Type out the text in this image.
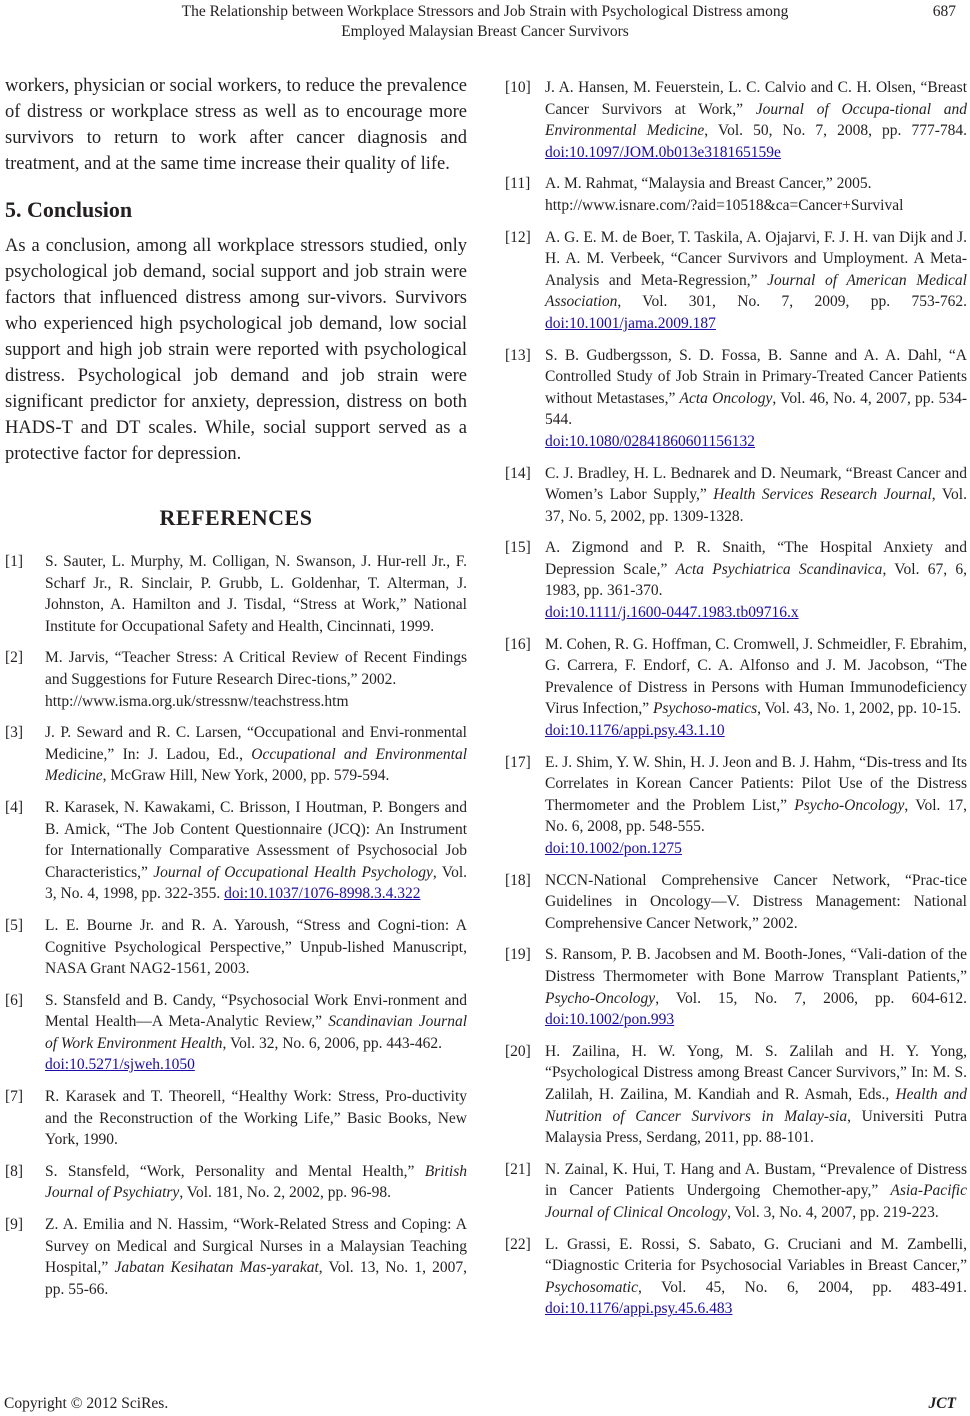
The Relationship between Workplace Stressors and Job Strain with Psychological Distress among
Employed Malaysian Breast Cancer Survivors
687

workers, physician or social workers, to reduce the prevalence of distress or workplace stress as well as to encourage more survivors to return to work after cancer diagnosis and treatment, and at the same time increase their quality of life.

5. Conclusion

As a conclusion, among all workplace stressors studied, only psychological job demand, social support and job strain were factors that influenced distress among sur-vivors. Survivors who experienced high psychological job demand, low social support and high job strain were reported with psychological distress. Psychological job demand and job strain were significant predictor for anxiety, depression, distress on both HADS-T and DT scales. While, social support served as a protective factor for depression.

REFERENCES
[1]	S. Sauter, L. Murphy, M. Colligan, N. Swanson, J. Hur-rell Jr., F. Scharf Jr., R. Sinclair, P. Grubb, L. Goldenhar, T. Alterman, J. Johnston, A. Hamilton and J. Tisdal, “Stress at Work,” National Institute for Occupational Safety and Health, Cincinnati, 1999.
[2]	M. Jarvis, “Teacher Stress: A Critical Review of Recent Findings and Suggestions for Future Research Direc-tions,” 2002.
http://www.isma.org.uk/stressnw/teachstress.htm
[3]	J. P. Seward and R. C. Larsen, “Occupational and Envi-ronmental Medicine,” In: J. Ladou, Ed., Occupational and Environmental Medicine, McGraw Hill, New York, 2000, pp. 579-594.
[4]	R. Karasek, N. Kawakami, C. Brisson, I Houtman, P. Bongers and B. Amick, “The Job Content Questionnaire (JCQ): An Instrument for Internationally Comparative Assessment of Psychosocial Job Characteristics,” Journal of Occupational Health Psychology, Vol. 3, No. 4, 1998, pp. 322-355. doi:10.1037/1076-8998.3.4.322
[5]	L. E. Bourne Jr. and R. A. Yaroush, “Stress and Cogni-tion: A Cognitive Psychological Perspective,” Unpub-lished Manuscript, NASA Grant NAG2-1561, 2003.
[6]	S. Stansfeld and B. Candy, “Psychosocial Work Envi-ronment and Mental Health—A Meta-Analytic Review,” Scandinavian Journal of Work Environment Health, Vol. 32, No. 6, 2006, pp. 443-462.
doi:10.5271/sjweh.1050
[7]	R. Karasek and T. Theorell, “Healthy Work: Stress, Pro-ductivity and the Reconstruction of the Working Life,” Basic Books, New York, 1990.
[8]	S. Stansfeld, “Work, Personality and Mental Health,” British Journal of Psychiatry, Vol. 181, No. 2, 2002, pp. 96-98.
[9]	Z. A. Emilia and N. Hassim, “Work-Related Stress and Coping: A Survey on Medical and Surgical Nurses in a Malaysian Teaching Hospital,” Jabatan Kesihatan Mas-yarakat, Vol. 13, No. 1, 2007, pp. 55-66.
[10] J. A. Hansen, M. Feuerstein, L. C. Calvio and C. H. Olsen, “Breast Cancer Survivors at Work,” Journal of Occupa-tional and Environmental Medicine, Vol. 50, No. 7, 2008, pp. 777-784. doi:10.1097/JOM.0b013e318165159e
[11] A. M. Rahmat, “Malaysia and Breast Cancer,” 2005.
http://www.isnare.com/?aid=10518&ca=Cancer+Survival
[12] A. G. E. M. de Boer, T. Taskila, A. Ojajarvi, F. J. H. van Dijk and J. H. A. M. Verbeek, “Cancer Survivors and Umployment. A Meta-Analysis and Meta-Regression,” Journal of American Medical Association, Vol. 301, No. 7, 2009, pp. 753-762. doi:10.1001/jama.2009.187
[13] S. B. Gudbergsson, S. D. Fossa, B. Sanne and A. A. Dahl, “A Controlled Study of Job Strain in Primary-Treated Cancer Patients without Metastases,” Acta Oncology, Vol. 46, No. 4, 2007, pp. 534-544.
doi:10.1080/02841860601156132
[14] C. J. Bradley, H. L. Bednarek and D. Neumark, “Breast Cancer and Women’s Labor Supply,” Health Services Research Journal, Vol. 37, No. 5, 2002, pp. 1309-1328.
[15] A. Zigmond and P. R. Snaith, “The Hospital Anxiety and Depression Scale,” Acta Psychiatrica Scandinavica, Vol. 67, 6, 1983, pp. 361-370.
doi:10.1111/j.1600-0447.1983.tb09716.x
[16] M. Cohen, R. G. Hoffman, C. Cromwell, J. Schmeidler, F. Ebrahim, G. Carrera, F. Endorf, C. A. Alfonso and J. M. Jacobson, “The Prevalence of Distress in Persons with Human Immunodeficiency Virus Infection,” Psychoso-matics, Vol. 43, No. 1, 2002, pp. 10-15.
doi:10.1176/appi.psy.43.1.10
[17] E. J. Shim, Y. W. Shin, H. J. Jeon and B. J. Hahm, “Dis-tress and Its Correlates in Korean Cancer Patients: Pilot Use of the Distress Thermometer and the Problem List,” Psycho-Oncology, Vol. 17, No. 6, 2008, pp. 548-555.
doi:10.1002/pon.1275
[18] NCCN-National Comprehensive Cancer Network, “Prac-tice Guidelines in Oncology—V. Distress Management: National Comprehensive Cancer Network,” 2002.
[19] S. Ransom, P. B. Jacobsen and M. Booth-Jones, “Vali-dation of the Distress Thermometer with Bone Marrow Transplant Patients,” Psycho-Oncology, Vol. 15, No. 7, 2006, pp. 604-612. doi:10.1002/pon.993
[20] H. Zailina, H. W. Yong, M. S. Zalilah and H. Y. Yong, “Psychological Distress among Breast Cancer Survivors,” In: M. S. Zalilah, H. Zailina, M. Kandiah and R. Asmah, Eds., Health and Nutrition of Cancer Survivors in Malay-sia, Universiti Putra Malaysia Press, Serdang, 2011, pp. 88-101.
[21] N. Zainal, K. Hui, T. Hang and A. Bustam, “Prevalence of Distress in Cancer Patients Undergoing Chemother-apy,” Asia-Pacific Journal of Clinical Oncology, Vol. 3, No. 4, 2007, pp. 219-223.
[22] L. Grassi, E. Rossi, S. Sabato, G. Cruciani and M. Zambelli, “Diagnostic Criteria for Psychosocial Variables in Breast Cancer,” Psychosomatic, Vol. 45, No. 6, 2004, pp. 483-491. doi:10.1176/appi.psy.45.6.483
Copyright © 2012 SciRes.	JCT
